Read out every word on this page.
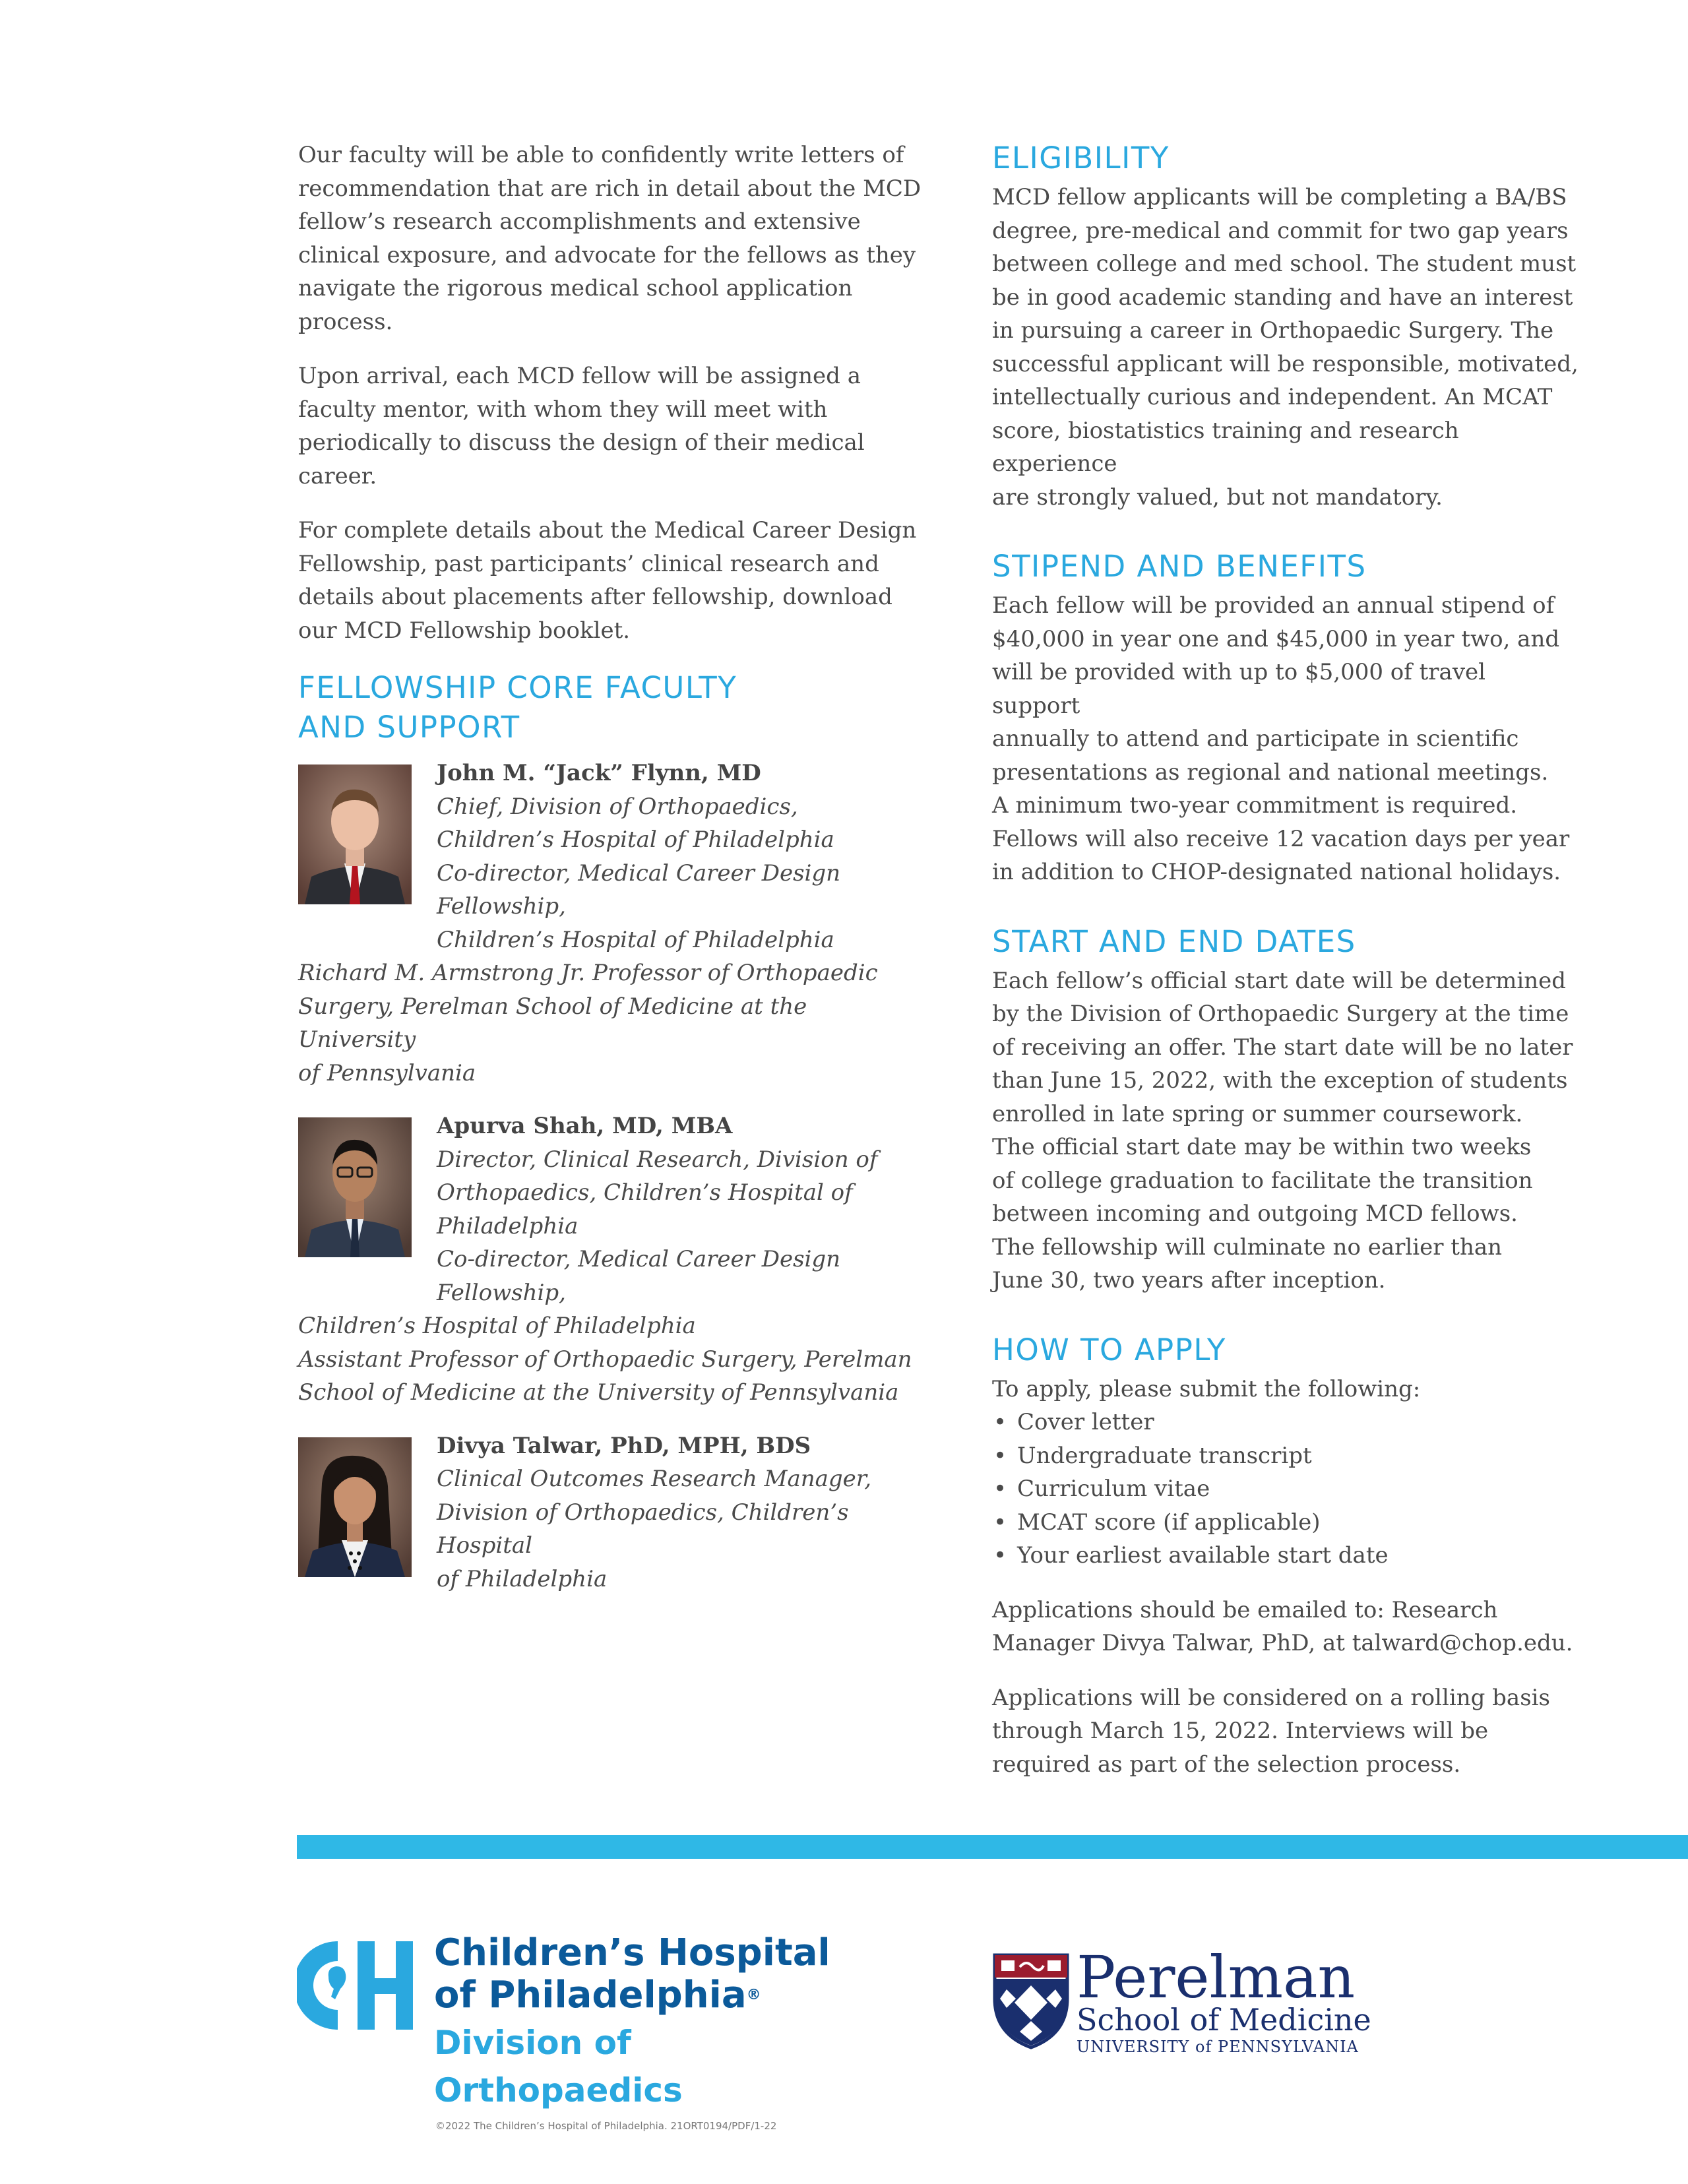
Our faculty will be able to confidently write letters of recommendation that are rich in detail about the MCD fellow’s research accomplishments and extensive clinical exposure, and advocate for the fellows as they navigate the rigorous medical school application process.

Upon arrival, each MCD fellow will be assigned a faculty mentor, with whom they will meet with periodically to discuss the design of their medical career.

For complete details about the Medical Career Design Fellowship, past participants’ clinical research and details about placements after fellowship, download our MCD Fellowship booklet.

FELLOWSHIP CORE FACULTY
AND SUPPORT

John M. “Jack” Flynn, MD

Chief, Division of Orthopaedics,

Children’s Hospital of Philadelphia

Co-director, Medical Career Design Fellowship,

Children’s Hospital of Philadelphia

Richard M. Armstrong Jr. Professor of Orthopaedic

Surgery, Perelman School of Medicine at the University

of Pennsylvania

Apurva Shah, MD, MBA

Director, Clinical Research, Division of

Orthopaedics, Children’s Hospital of

Philadelphia

Co-director, Medical Career Design Fellowship,

Children’s Hospital of Philadelphia

Assistant Professor of Orthopaedic Surgery, Perelman

School of Medicine at the University of Pennsylvania

Divya Talwar, PhD, MPH, BDS

Clinical Outcomes Research Manager,

Division of Orthopaedics, Children’s Hospital

of Philadelphia

ELIGIBILITY

MCD fellow applicants will be completing a BA/BS

degree, pre-medical and commit for two gap years

between college and med school. The student must

be in good academic standing and have an interest

in pursuing a career in Orthopaedic Surgery. The

successful applicant will be responsible, motivated,

intellectually curious and independent. An MCAT

score, biostatistics training and research experience

are strongly valued, but not mandatory.

STIPEND AND BENEFITS

Each fellow will be provided an annual stipend of

$40,000 in year one and $45,000 in year two, and

will be provided with up to $5,000 of travel support

annually to attend and participate in scientific

presentations as regional and national meetings.

A minimum two-year commitment is required.

Fellows will also receive 12 vacation days per year

in addition to CHOP-designated national holidays.

START AND END DATES

Each fellow’s official start date will be determined

by the Division of Orthopaedic Surgery at the time

of receiving an offer. The start date will be no later

than June 15, 2022, with the exception of students

enrolled in late spring or summer coursework.

The official start date may be within two weeks

of college graduation to facilitate the transition

between incoming and outgoing MCD fellows.

The fellowship will culminate no earlier than

June 30, two years after inception.

HOW TO APPLY

To apply, please submit the following:

• Cover letter
• Undergraduate transcript
• Curriculum vitae
• MCAT score (if applicable)
• Your earliest available start date

Applications should be emailed to: Research

Manager Divya Talwar, PhD, at talward@chop.edu.

Applications will be considered on a rolling basis

through March 15, 2022. Interviews will be

required as part of the selection process.

Children’s Hospital
of Philadelphia®
Division of Orthopaedics
Perelman
School of Medicine
UNIVERSITY of PENNSYLVANIA
©2022 The Children’s Hospital of Philadelphia. 21ORT0194/PDF/1-22
